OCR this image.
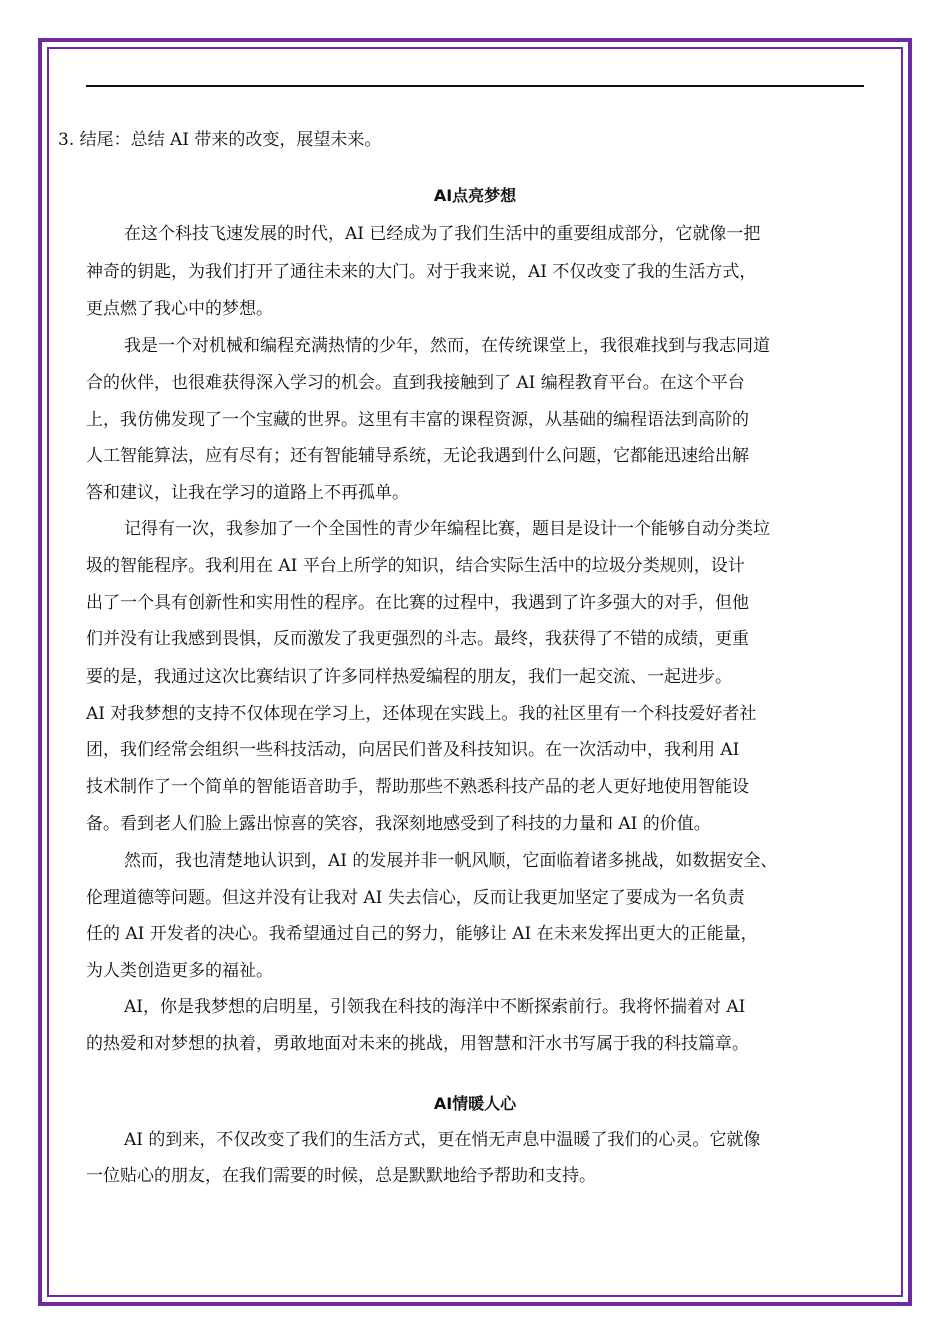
3. 结尾：总结 AI 带来的改变，展望未来。
AI点亮梦想
在这个科技飞速发展的时代，AI 已经成为了我们生活中的重要组成部分，它就像一把
神奇的钥匙，为我们打开了通往未来的大门。对于我来说，AI 不仅改变了我的生活方式，
更点燃了我心中的梦想。
我是一个对机械和编程充满热情的少年，然而，在传统课堂上，我很难找到与我志同道
合的伙伴，也很难获得深入学习的机会。直到我接触到了 AI 编程教育平台。在这个平台
上，我仿佛发现了一个宝藏的世界。这里有丰富的课程资源，从基础的编程语法到高阶的
人工智能算法，应有尽有；还有智能辅导系统，无论我遇到什么问题，它都能迅速给出解
答和建议，让我在学习的道路上不再孤单。
记得有一次，我参加了一个全国性的青少年编程比赛，题目是设计一个能够自动分类垃
圾的智能程序。我利用在 AI 平台上所学的知识，结合实际生活中的垃圾分类规则，设计
出了一个具有创新性和实用性的程序。在比赛的过程中，我遇到了许多强大的对手，但他
们并没有让我感到畏惧，反而激发了我更强烈的斗志。最终，我获得了不错的成绩，更重
要的是，我通过这次比赛结识了许多同样热爱编程的朋友，我们一起交流、一起进步。
AI 对我梦想的支持不仅体现在学习上，还体现在实践上。我的社区里有一个科技爱好者社
团，我们经常会组织一些科技活动，向居民们普及科技知识。在一次活动中，我利用 AI
技术制作了一个简单的智能语音助手，帮助那些不熟悉科技产品的老人更好地使用智能设
备。看到老人们脸上露出惊喜的笑容，我深刻地感受到了科技的力量和 AI 的价值。
然而，我也清楚地认识到，AI 的发展并非一帆风顺，它面临着诸多挑战，如数据安全、
伦理道德等问题。但这并没有让我对 AI 失去信心，反而让我更加坚定了要成为一名负责
任的 AI 开发者的决心。我希望通过自己的努力，能够让 AI 在未来发挥出更大的正能量，
为人类创造更多的福祉。
AI，你是我梦想的启明星，引领我在科技的海洋中不断探索前行。我将怀揣着对 AI
的热爱和对梦想的执着，勇敢地面对未来的挑战，用智慧和汗水书写属于我的科技篇章。
AI情暖人心
AI 的到来，不仅改变了我们的生活方式，更在悄无声息中温暖了我们的心灵。它就像
一位贴心的朋友，在我们需要的时候，总是默默地给予帮助和支持。
